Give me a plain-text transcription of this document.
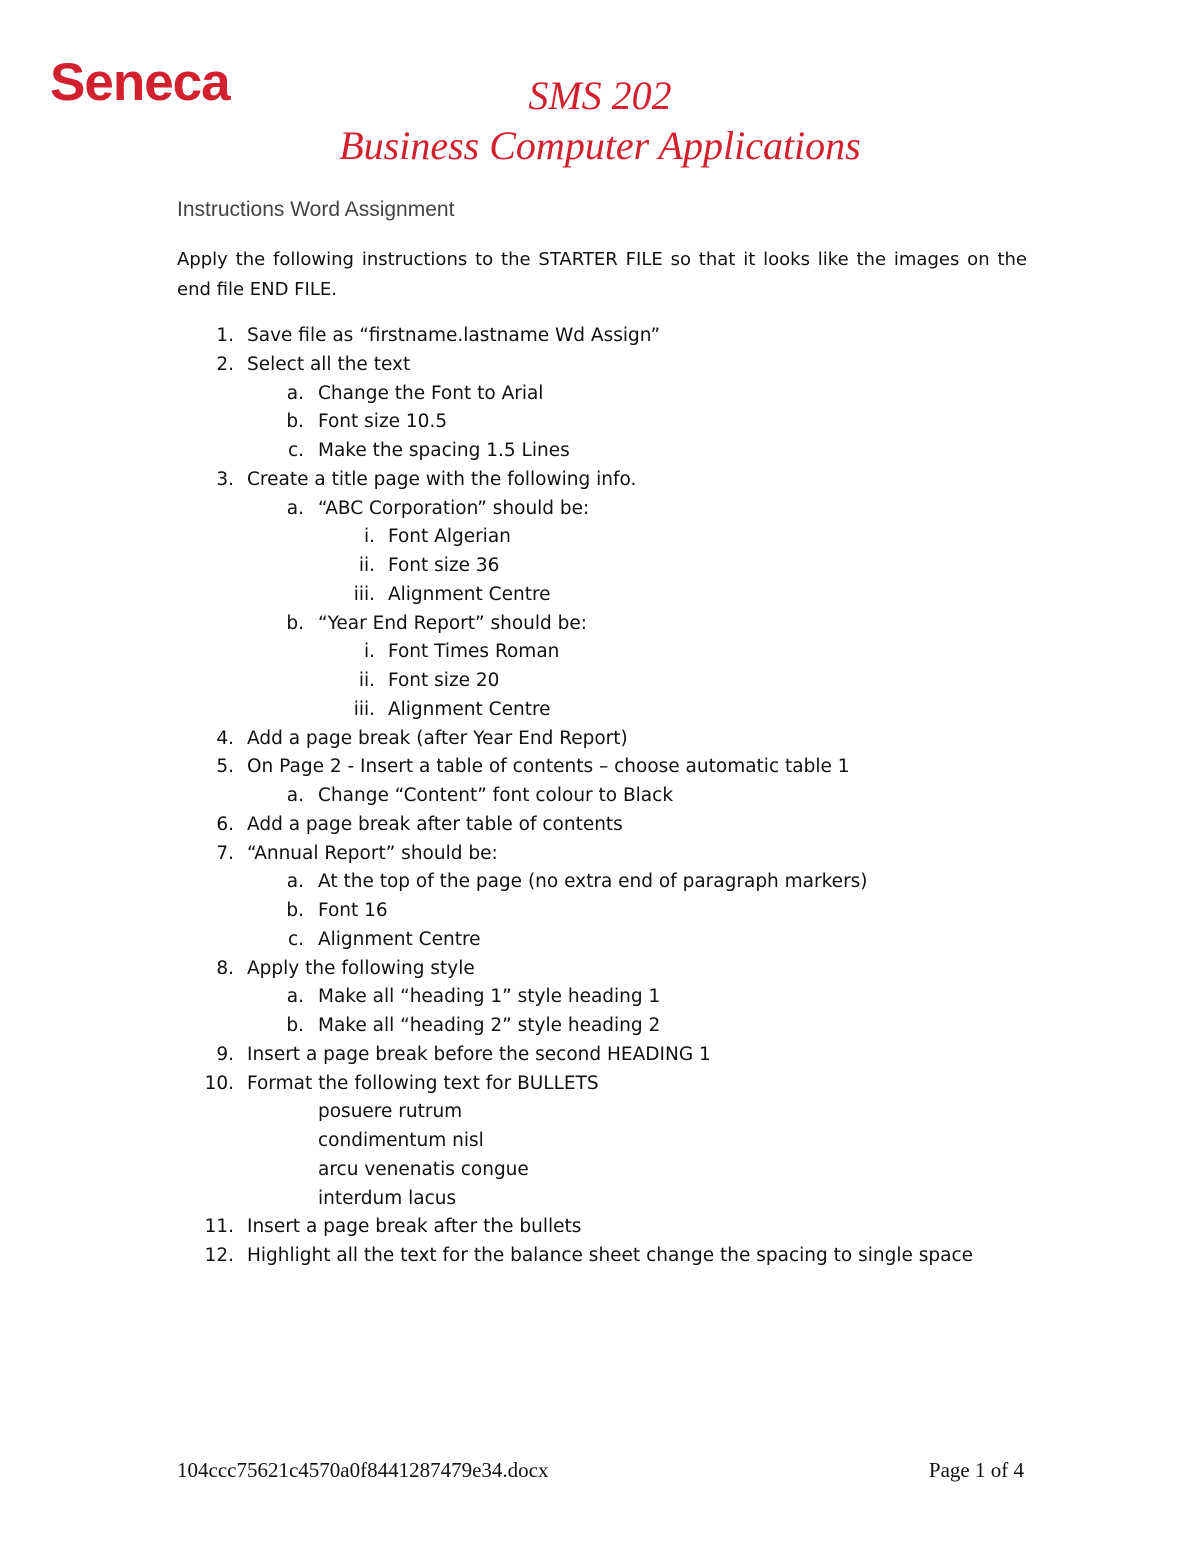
Seneca	SMS 202
Business Computer Applications
Instructions Word Assignment
Apply the following instructions to the STARTER FILE so that it looks like the images on the end file END FILE.
1. Save file as “firstname.lastname Wd Assign”
2. Select all the text
a. Change the Font to Arial
b. Font size 10.5
c. Make the spacing 1.5 Lines
3. Create a title page with the following info.
a. “ABC Corporation” should be:
i. Font Algerian
ii. Font size 36
iii. Alignment Centre
b. “Year End Report” should be:
i. Font Times Roman
ii. Font size 20
iii. Alignment Centre
4. Add a page break (after Year End Report)
5. On Page 2 - Insert a table of contents – choose automatic table 1
a. Change “Content” font colour to Black
6. Add a page break after table of contents
7. “Annual Report” should be:
a. At the top of the page (no extra end of paragraph markers)
b. Font 16
c. Alignment Centre
8. Apply the following style
a. Make all “heading 1” style heading 1
b. Make all “heading 2” style heading 2
9. Insert a page break before the second HEADING 1
10. Format the following text for BULLETS
posuere rutrum
condimentum nisl
arcu venenatis congue
interdum lacus
11. Insert a page break after the bullets
12. Highlight all the text for the balance sheet change the spacing to single space
104ccc75621c4570a0f8441287479e34.docx	Page 1 of 4
